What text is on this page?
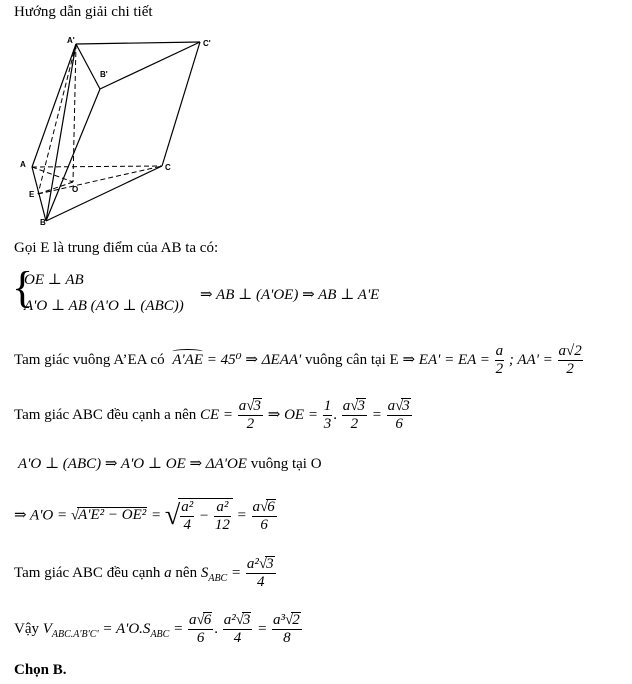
Hướng dẫn giải chi tiết
A'	C'
B'
A	C
E
O
B
Gọi E là trung điểm của AB ta có:
{
OE ⊥ AB
A'O ⊥ AB (A'O ⊥ (ABC))
⇒ AB ⊥ (A'OE) ⇒ AB ⊥ A'E
Tam giác vuông A’EA có A'AE = 45⁰ ⇒ ΔEAA' vuông cân tại E ⇒ EA' = EA = $\frac{a}{2}$ ; $AA' = \frac{a√2}{2}$
Tam giác ABC đều cạnh a nên CE = $\frac{a√3}{2}$ ⇒ OE = $\frac{1}{3}$ . $\frac{a√3}{2} = \frac{a√3}{6}$
A'O ⊥ (ABC) ⇒ A'O ⊥ OE ⇒ ΔA'OE vuông tại O
⇒ A'O = √A'E² − OE² = √ $\frac{\text{a²}}{4} - \frac{\text{a²}}{12} = \frac{a√6}{6}$
Tam giác ABC đều cạnh a nên $S_{ABC} = \frac{\text{a²√3}}{4}$
Vậy $V_{ABC.A'B'C'} = A'O.S_{ABC} = \frac{a√6}{6}$ . $\frac{\text{a²√3}}{4} = \frac{\text{a³√2}}{8}$
Chọn B.
